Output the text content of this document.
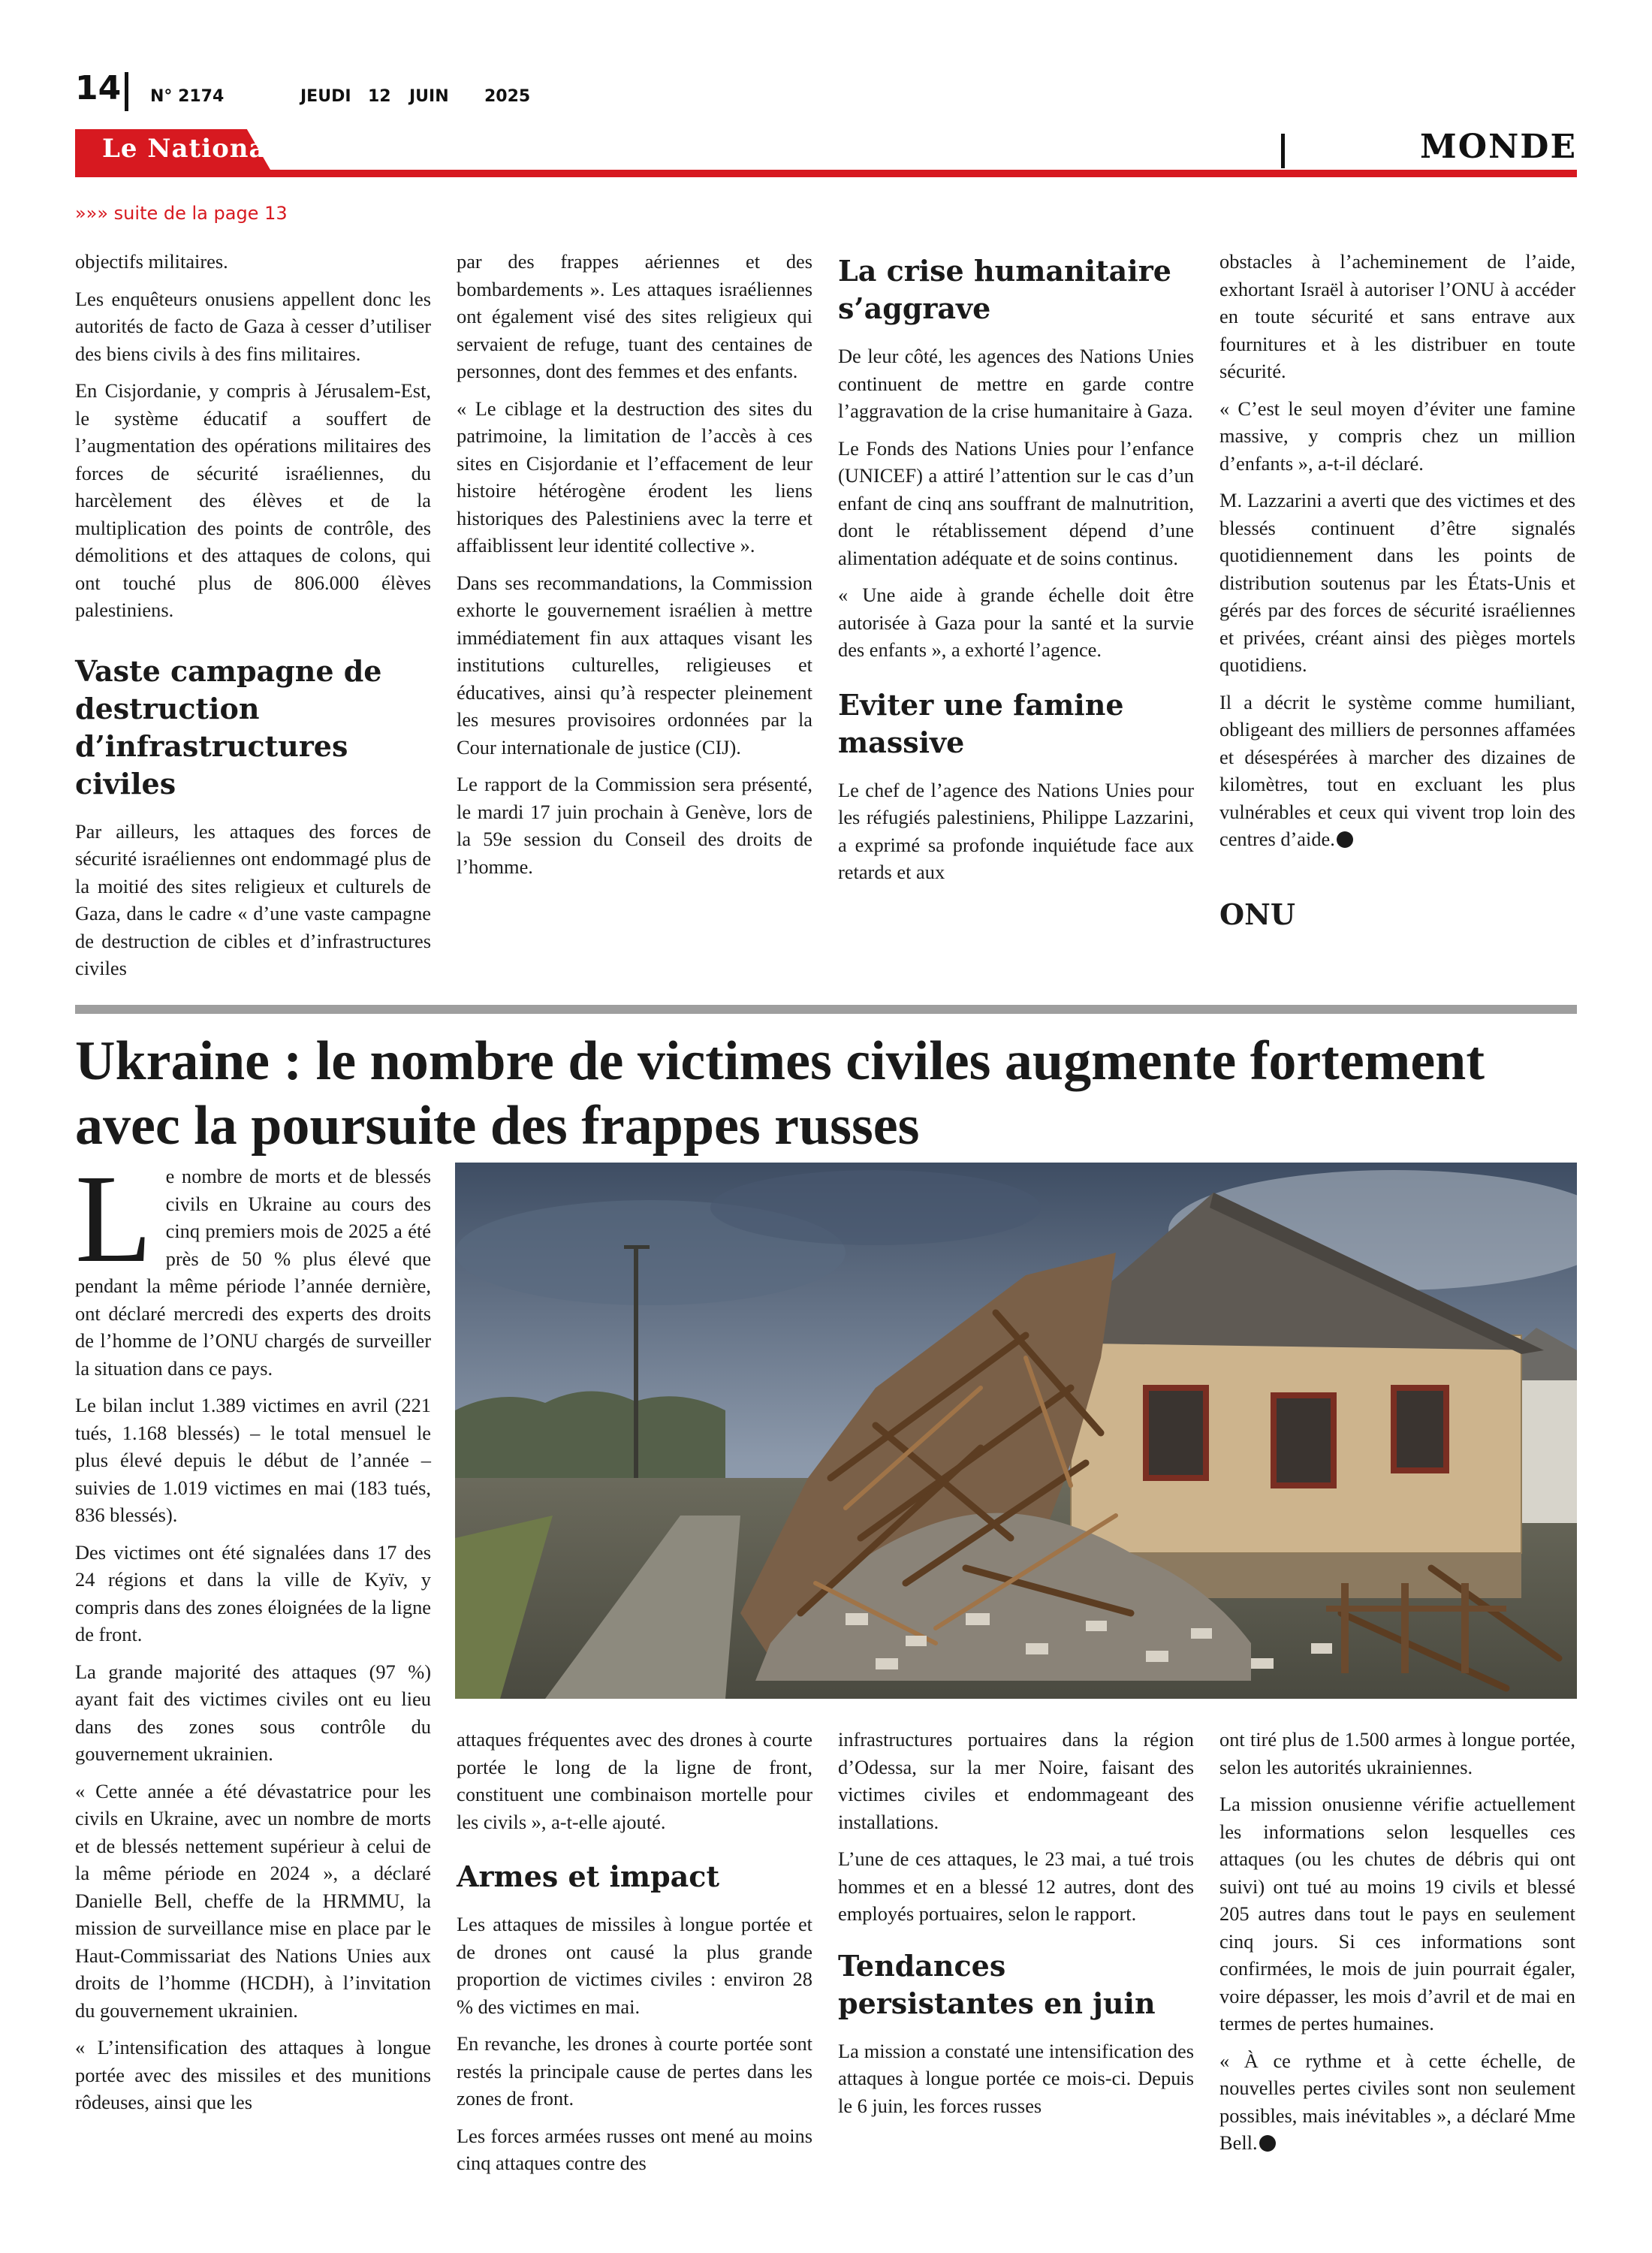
14 N° 2174	JEUDI 12 JUIN 2025
Le National	MONDE
»»» suite de la page 13

objectifs militaires.

Les enquêteurs onusiens appellent donc les autorités de facto de Gaza à cesser d’utiliser des biens civils à des fins militaires.

En Cisjordanie, y compris à Jérusalem-Est, le système éducatif a souffert de l’augmentation des opérations militaires des forces de sécurité israéliennes, du harcèlement des élèves et de la multiplication des points de contrôle, des démolitions et des attaques de colons, qui ont touché plus de 806.000 élèves palestiniens.

Vaste campagne de destruction d’infrastructures civiles

Par ailleurs, les attaques des forces de sécurité israéliennes ont endommagé plus de la moitié des sites religieux et culturels de Gaza, dans le cadre « d’une vaste campagne de destruction de cibles et d’infrastructures civiles

par des frappes aériennes et des bombardements ». Les attaques israéliennes ont également visé des sites religieux qui servaient de refuge, tuant des centaines de personnes, dont des femmes et des enfants.

« Le ciblage et la destruction des sites du patrimoine, la limitation de l’accès à ces sites en Cisjordanie et l’effacement de leur histoire hétérogène érodent les liens historiques des Palestiniens avec la terre et affaiblissent leur identité collective ».

Dans ses recommandations, la Commission exhorte le gouvernement israélien à mettre immédiatement fin aux attaques visant les institutions culturelles, religieuses et éducatives, ainsi qu’à respecter pleinement les mesures provisoires ordonnées par la Cour internationale de justice (CIJ).

Le rapport de la Commission sera présenté, le mardi 17 juin prochain à Genève, lors de la 59e session du Conseil des droits de l’homme.

La crise humanitaire s’aggrave

De leur côté, les agences des Nations Unies continuent de mettre en garde contre l’aggravation de la crise humanitaire à Gaza.

Le Fonds des Nations Unies pour l’enfance (UNICEF) a attiré l’attention sur le cas d’un enfant de cinq ans souffrant de malnutrition, dont le rétablissement dépend d’une alimentation adéquate et de soins continus.

« Une aide à grande échelle doit être autorisée à Gaza pour la santé et la survie des enfants », a exhorté l’agence.

Eviter une famine massive

Le chef de l’agence des Nations Unies pour les réfugiés palestiniens, Philippe Lazzarini, a exprimé sa profonde inquiétude face aux retards et aux

obstacles à l’acheminement de l’aide, exhortant Israël à autoriser l’ONU à accéder en toute sécurité et sans entrave aux fournitures et à les distribuer en toute sécurité.

« C’est le seul moyen d’éviter une famine massive, y compris chez un million d’enfants », a-t-il déclaré.

M. Lazzarini a averti que des victimes et des blessés continuent d’être signalés quotidiennement dans les points de distribution soutenus par les États-Unis et gérés par des forces de sécurité israéliennes et privées, créant ainsi des pièges mortels quotidiens.

Il a décrit le système comme humiliant, obligeant des milliers de personnes affamées et désespérées à marcher des dizaines de kilomètres, tout en excluant les plus vulnérables et ceux qui vivent trop loin des centres d’aide.

ONU
Ukraine : le nombre de victimes civiles augmente fortement
avec la poursuite des frappes russes

Le nombre de morts et de blessés civils en Ukraine au cours des cinq premiers mois de 2025 a été près de 50 % plus élevé que pendant la même période l’année dernière, ont déclaré mercredi des experts des droits de l’homme de l’ONU chargés de surveiller la situation dans ce pays.

Le bilan inclut 1.389 victimes en avril (221 tués, 1.168 blessés) – le total mensuel le plus élevé depuis le début de l’année – suivies de 1.019 victimes en mai (183 tués, 836 blessés).

Des victimes ont été signalées dans 17 des 24 régions et dans la ville de Kyïv, y compris dans des zones éloignées de la ligne de front.

La grande majorité des attaques (97 %) ayant fait des victimes civiles ont eu lieu dans des zones sous contrôle du gouvernement ukrainien.

« Cette année a été dévastatrice pour les civils en Ukraine, avec un nombre de morts et de blessés nettement supérieur à celui de la même période en 2024 », a déclaré Danielle Bell, cheffe de la HRMMU, la mission de surveillance mise en place par le Haut-Commissariat des Nations Unies aux droits de l’homme (HCDH), à l’invitation du gouvernement ukrainien.

« L’intensification des attaques à longue portée avec des missiles et des munitions rôdeuses, ainsi que les

attaques fréquentes avec des drones à courte portée le long de la ligne de front, constituent une combinaison mortelle pour les civils », a-t-elle ajouté.

Armes et impact

Les attaques de missiles à longue portée et de drones ont causé la plus grande proportion de victimes civiles : environ 28 % des victimes en mai.

En revanche, les drones à courte portée sont restés la principale cause de pertes dans les zones de front.

Les forces armées russes ont mené au moins cinq attaques contre des

infrastructures portuaires dans la région d’Odessa, sur la mer Noire, faisant des victimes civiles et endommageant des installations.

L’une de ces attaques, le 23 mai, a tué trois hommes et en a blessé 12 autres, dont des employés portuaires, selon le rapport.

Tendances persistantes en juin

La mission a constaté une intensification des attaques à longue portée ce mois-ci. Depuis le 6 juin, les forces russes

ont tiré plus de 1.500 armes à longue portée, selon les autorités ukrainiennes.

La mission onusienne vérifie actuellement les informations selon lesquelles ces attaques (ou les chutes de débris qui ont suivi) ont tué au moins 19 civils et blessé 205 autres dans tout le pays en seulement cinq jours. Si ces informations sont confirmées, le mois de juin pourrait égaler, voire dépasser, les mois d’avril et de mai en termes de pertes humaines.

« À ce rythme et à cette échelle, de nouvelles pertes civiles sont non seulement possibles, mais inévitables », a déclaré Mme Bell.
